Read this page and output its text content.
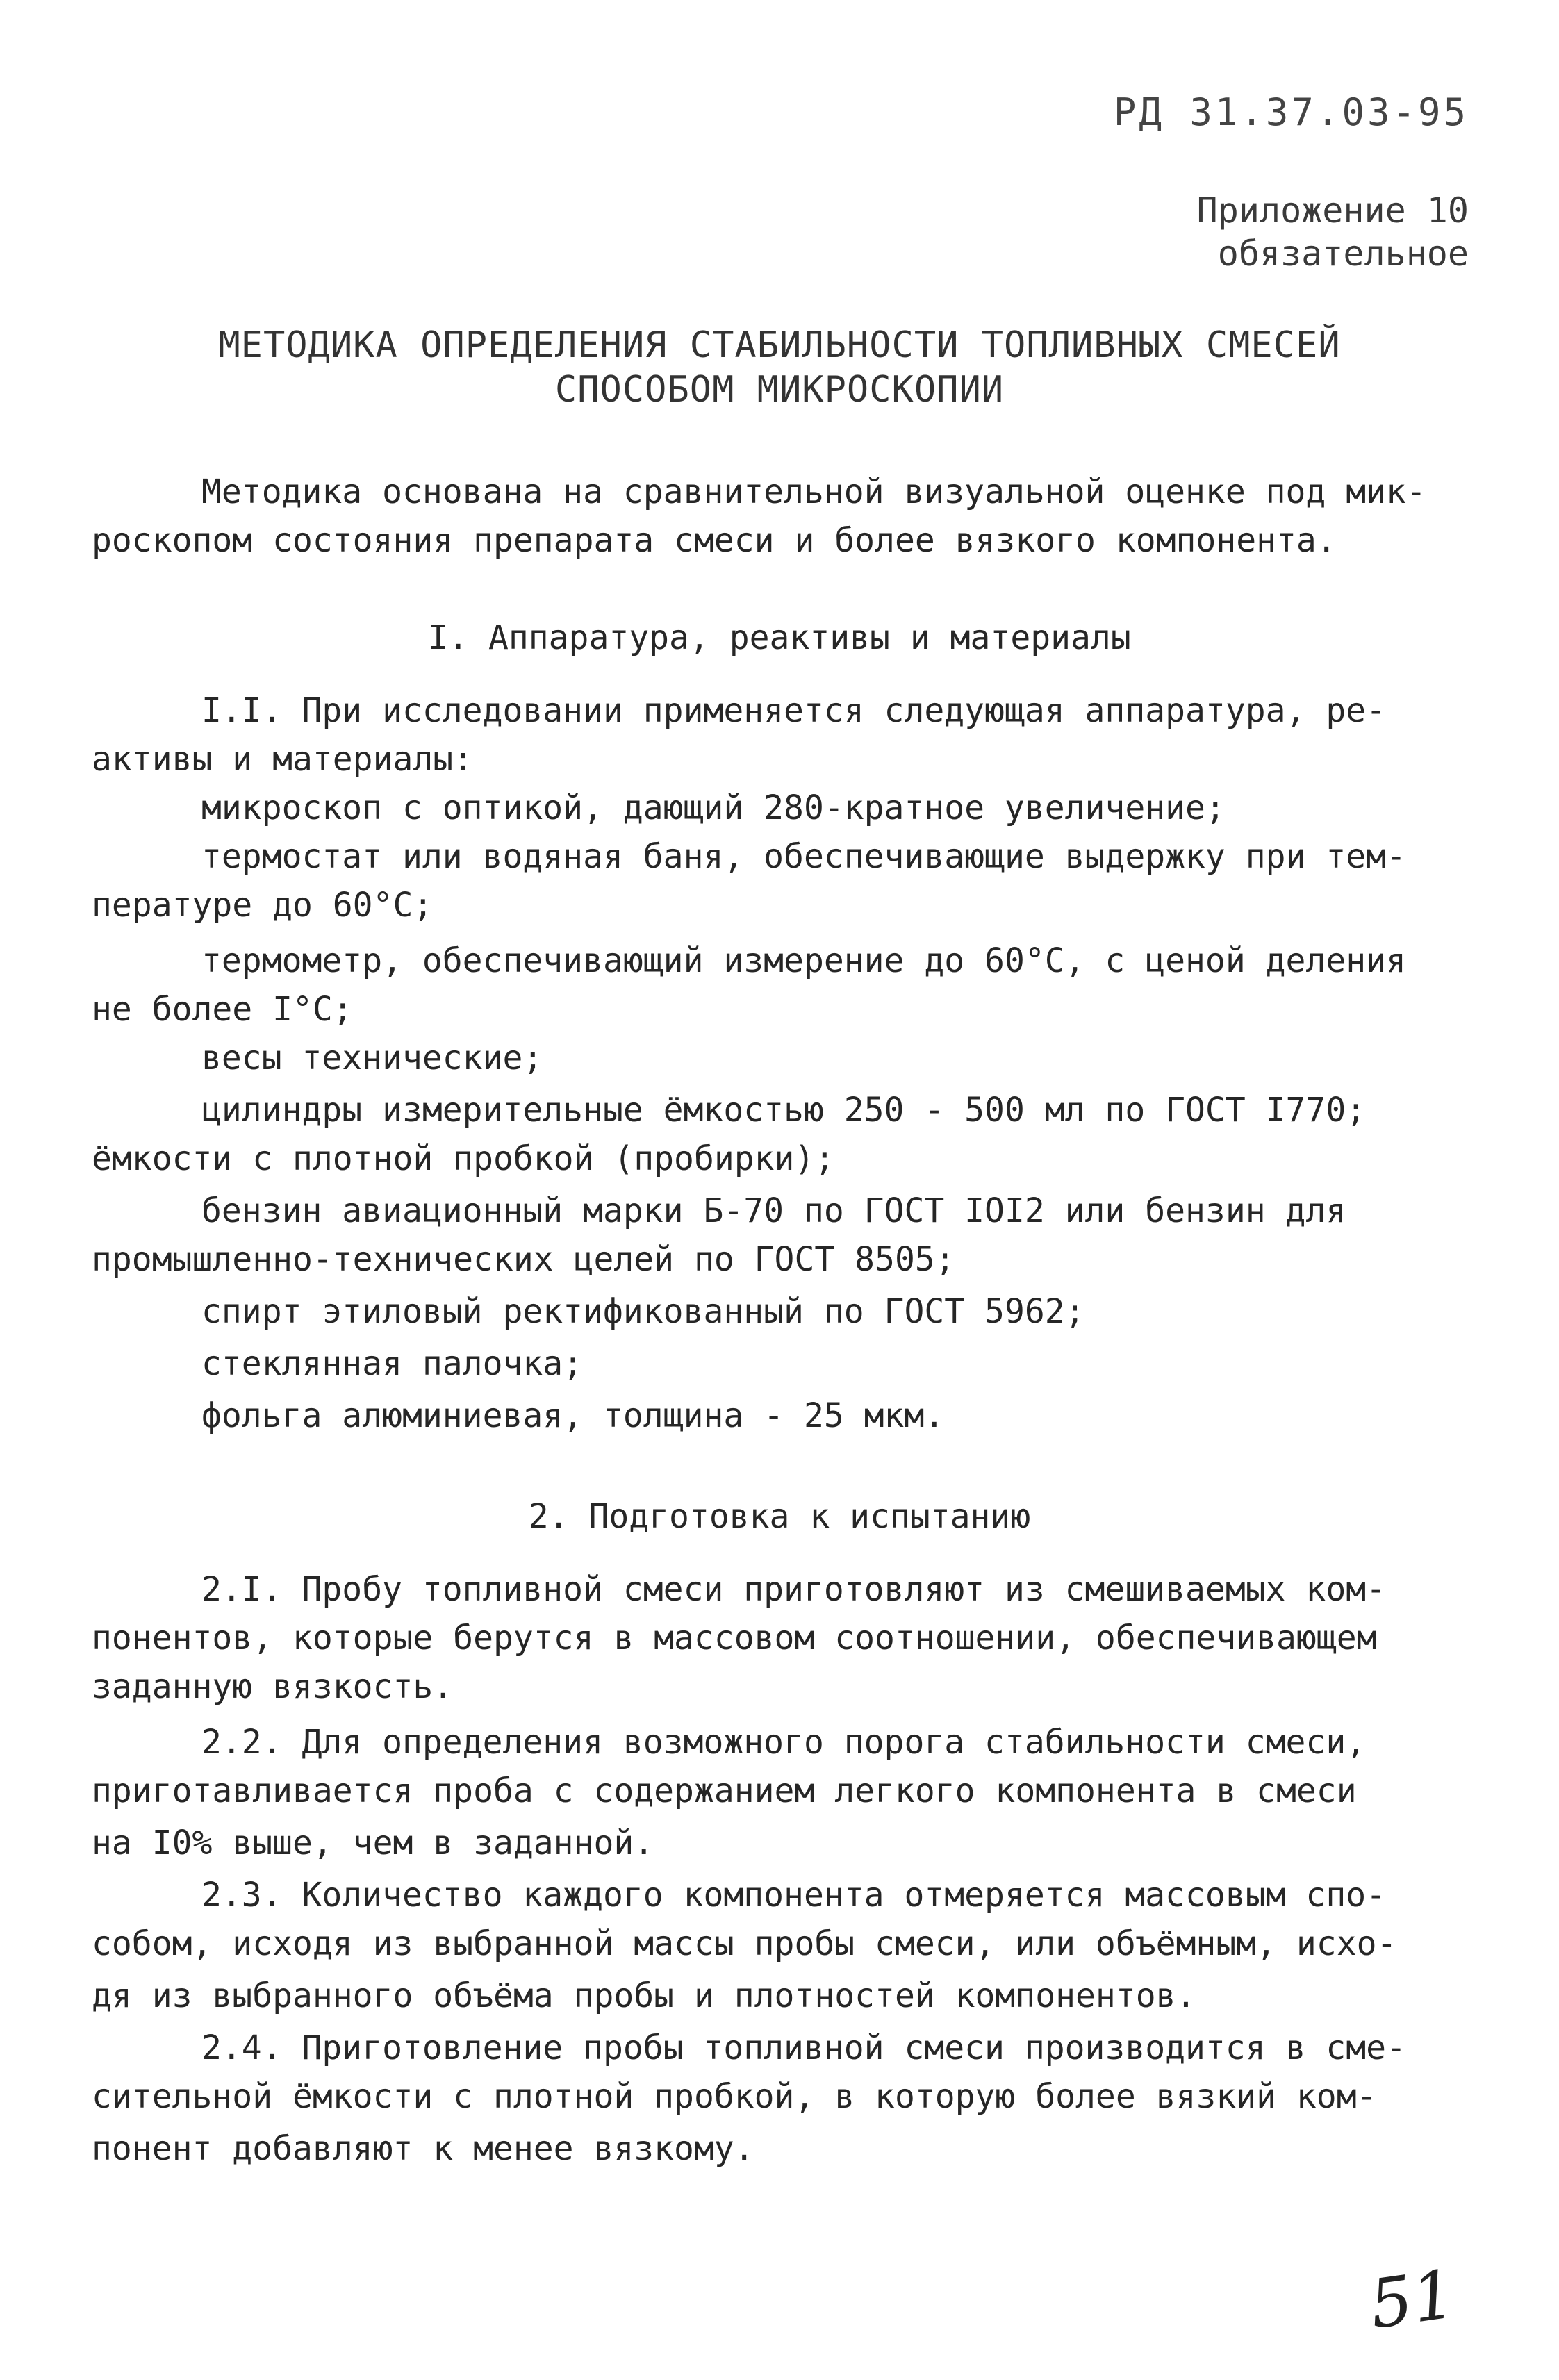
РД 31.37.03-95
Приложение 10
обязательное
МЕТОДИКА ОПРЕДЕЛЕНИЯ СТАБИЛЬНОСТИ ТОПЛИВНЫХ СМЕСЕЙ
СПОСОБОМ МИКРОСКОПИИ
Методика основана на сравнительной визуальной оценке под мик-
роскопом состояния препарата смеси и более вязкого компонента.
I. Аппаратура, реактивы и материалы
I.I. При исследовании применяется следующая аппаратура, ре-
активы и материалы:
микроскоп с оптикой, дающий 280-кратное увеличение;
термостат или водяная баня, обеспечивающие выдержку при тем-
пературе до 60°С;
термометр, обеспечивающий измерение до 60°С, с ценой деления
не более I°С;
весы технические;
цилиндры измерительные ёмкостью 250 - 500 мл по ГОСТ I770;
ёмкости с плотной пробкой (пробирки);
бензин авиационный марки Б-70 по ГОСТ IOI2 или бензин для
промышленно-технических целей по ГОСТ 8505;
спирт этиловый ректификованный по ГОСТ 5962;
стеклянная палочка;
фольга алюминиевая, толщина - 25 мкм.
2. Подготовка к испытанию
2.I. Пробу топливной смеси приготовляют из смешиваемых ком-
понентов, которые берутся в массовом соотношении, обеспечивающем
заданную вязкость.
2.2. Для определения возможного порога стабильности смеси,
приготавливается проба с содержанием легкого компонента в смеси
на I0% выше, чем в заданной.
2.3. Количество каждого компонента отмеряется массовым спо-
собом, исходя из выбранной массы пробы смеси, или объёмным, исхо-
дя из выбранного объёма пробы и плотностей компонентов.
2.4. Приготовление пробы топливной смеси производится в сме-
сительной ёмкости с плотной пробкой, в которую более вязкий ком-
понент добавляют к менее вязкому.
51
